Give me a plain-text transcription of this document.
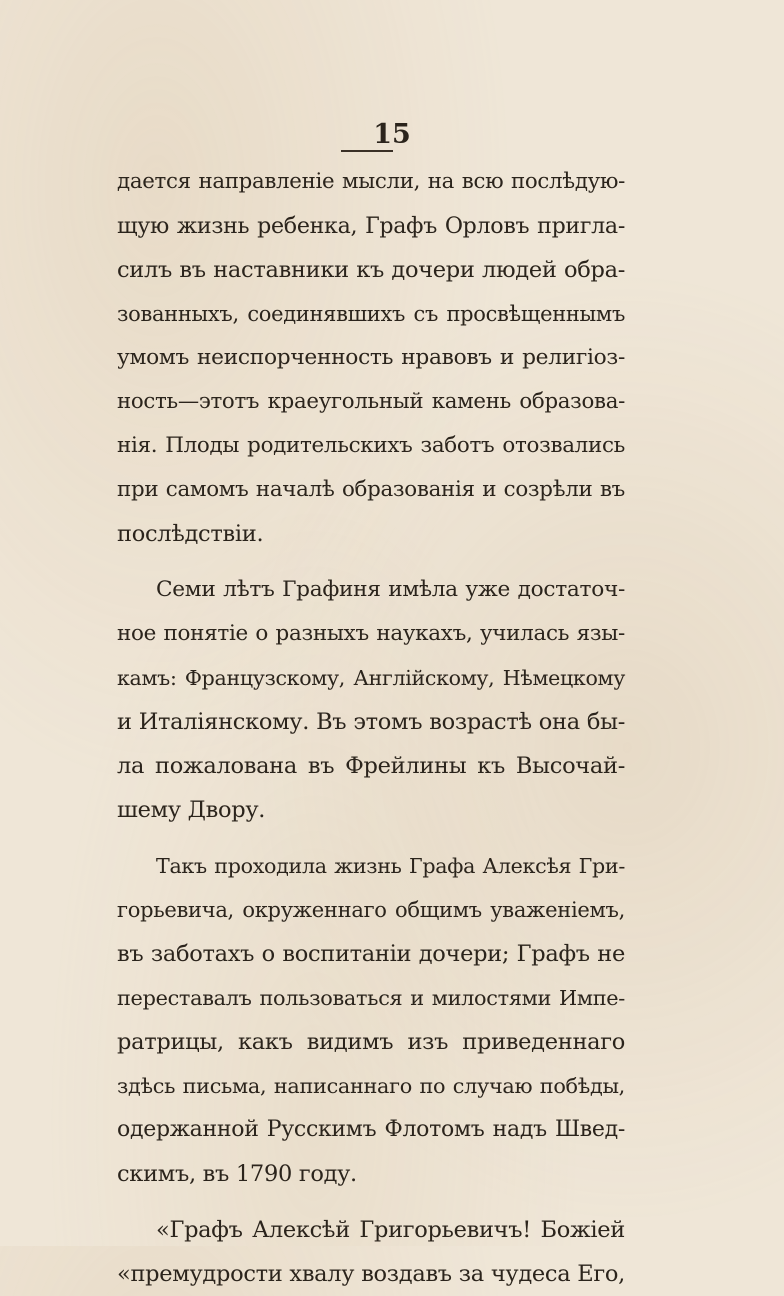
15
дается направленіе мысли, на всю послѣдую-
щую жизнь ребенка, Графъ Орловъ пригла-
силъ въ наставники къ дочери людей обра-
зованныхъ, соединявшихъ съ просвѣщеннымъ
умомъ неиспорченность нравовъ и религіоз-
ность—этотъ краеугольный камень образова-
нія. Плоды родительскихъ заботъ отозвались
при самомъ началѣ образованія и созрѣли въ
послѣдствіи.
Семи лѣтъ Графиня имѣла уже достаточ-
ное понятіе о разныхъ наукахъ, училась язы-
камъ: Французскому, Англійскому, Нѣмецкому
и Италіянскому. Въ этомъ возрастѣ она бы-
ла пожалована въ Фрейлины къ Высочай-
шему Двору.
Такъ проходила жизнь Графа Алексѣя Гри-
горьевича, окруженнаго общимъ уваженіемъ,
въ заботахъ о воспитаніи дочери; Графъ не
переставалъ пользоваться и милостями Импе-
ратрицы, какъ видимъ изъ приведеннаго
здѣсь письма, написаннаго по случаю побѣды,
одержанной Русскимъ Флотомъ надъ Швед-
скимъ, въ 1790 году.
«Графъ Алексѣй Григорьевичъ! Божіей
«премудрости хвалу воздавъ за чудеса Его,
